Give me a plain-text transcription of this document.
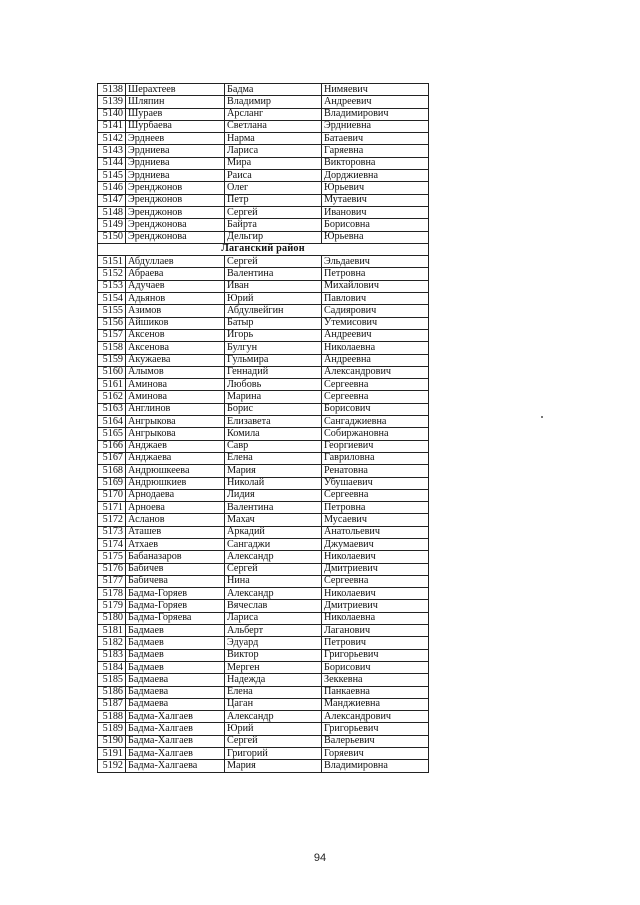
5138	Шерахтеев	Бадма	Нимяевич
5139	Шляпин	Владимир	Андреевич
5140	Шураев	Арсланг	Владимирович
5141	Шурбаева	Светлана	Эрдниевна
5142	Эрднеев	Нарма	Батаевич
5143	Эрдниева	Лариса	Гаряевна
5144	Эрдниева	Мира	Викторовна
5145	Эрдниева	Раиса	Дорджиевна
5146	Эренджонов	Олег	Юрьевич
5147	Эренджонов	Петр	Мутаевич
5148	Эренджонов	Сергей	Иванович
5149	Эренджонова	Байрта	Борисовна
5150	Эренджонова	Дельгир	Юрьевна
Лаганский район			
5151	Абдуллаев	Сергей	Эльдаевич
5152	Абраева	Валентина	Петровна
5153	Адучаев	Иван	Михайлович
5154	Адьянов	Юрий	Павлович
5155	Азимов	Абдулвейгин	Садиярович
5156	Айшиков	Батыр	Утемисович
5157	Аксенов	Игорь	Андреевич
5158	Аксенова	Булгун	Николаевна
5159	Акужаева	Гульмира	Андреевна
5160	Алымов	Геннадий	Александрович
5161	Аминова	Любовь	Сергеевна
5162	Аминова	Марина	Сергеевна
5163	Англинов	Борис	Борисович
5164	Ангрыкова	Елизавета	Сангаджиевна
5165	Ангрыкова	Комила	Собиржановна
5166	Анджаев	Савр	Георгиевич
5167	Анджаева	Елена	Гавриловна
5168	Андрюшкеева	Мария	Ренатовна
5169	Андрюшкиев	Николай	Убушаевич
5170	Арнодаева	Лидия	Сергеевна
5171	Арноева	Валентина	Петровна
5172	Асланов	Махач	Мусаевич
5173	Аташев	Аркадий	Анатольевич
5174	Атхаев	Сангаджи	Джумаевич
5175	Бабаназаров	Александр	Николаевич
5176	Бабичев	Сергей	Дмитриевич
5177	Бабичева	Нина	Сергеевна
5178	Бадма-Горяев	Александр	Николаевич
5179	Бадма-Горяев	Вячеслав	Дмитриевич
5180	Бадма-Горяева	Лариса	Николаевна
5181	Бадмаев	Альберт	Лаганович
5182	Бадмаев	Эдуард	Петрович
5183	Бадмаев	Виктор	Григорьевич
5184	Бадмаев	Мерген	Борисович
5185	Бадмаева	Надежда	Зеккевна
5186	Бадмаева	Елена	Панкаевна
5187	Бадмаева	Цаган	Манджиевна
5188	Бадма-Халгаев	Александр	Александрович
5189	Бадма-Халгаев	Юрий	Григорьевич
5190	Бадма-Халгаев	Сергей	Валерьевич
5191	Бадма-Халгаев	Григорий	Горяевич
5192	Бадма-Халгаева	Мария	Владимировна
94
